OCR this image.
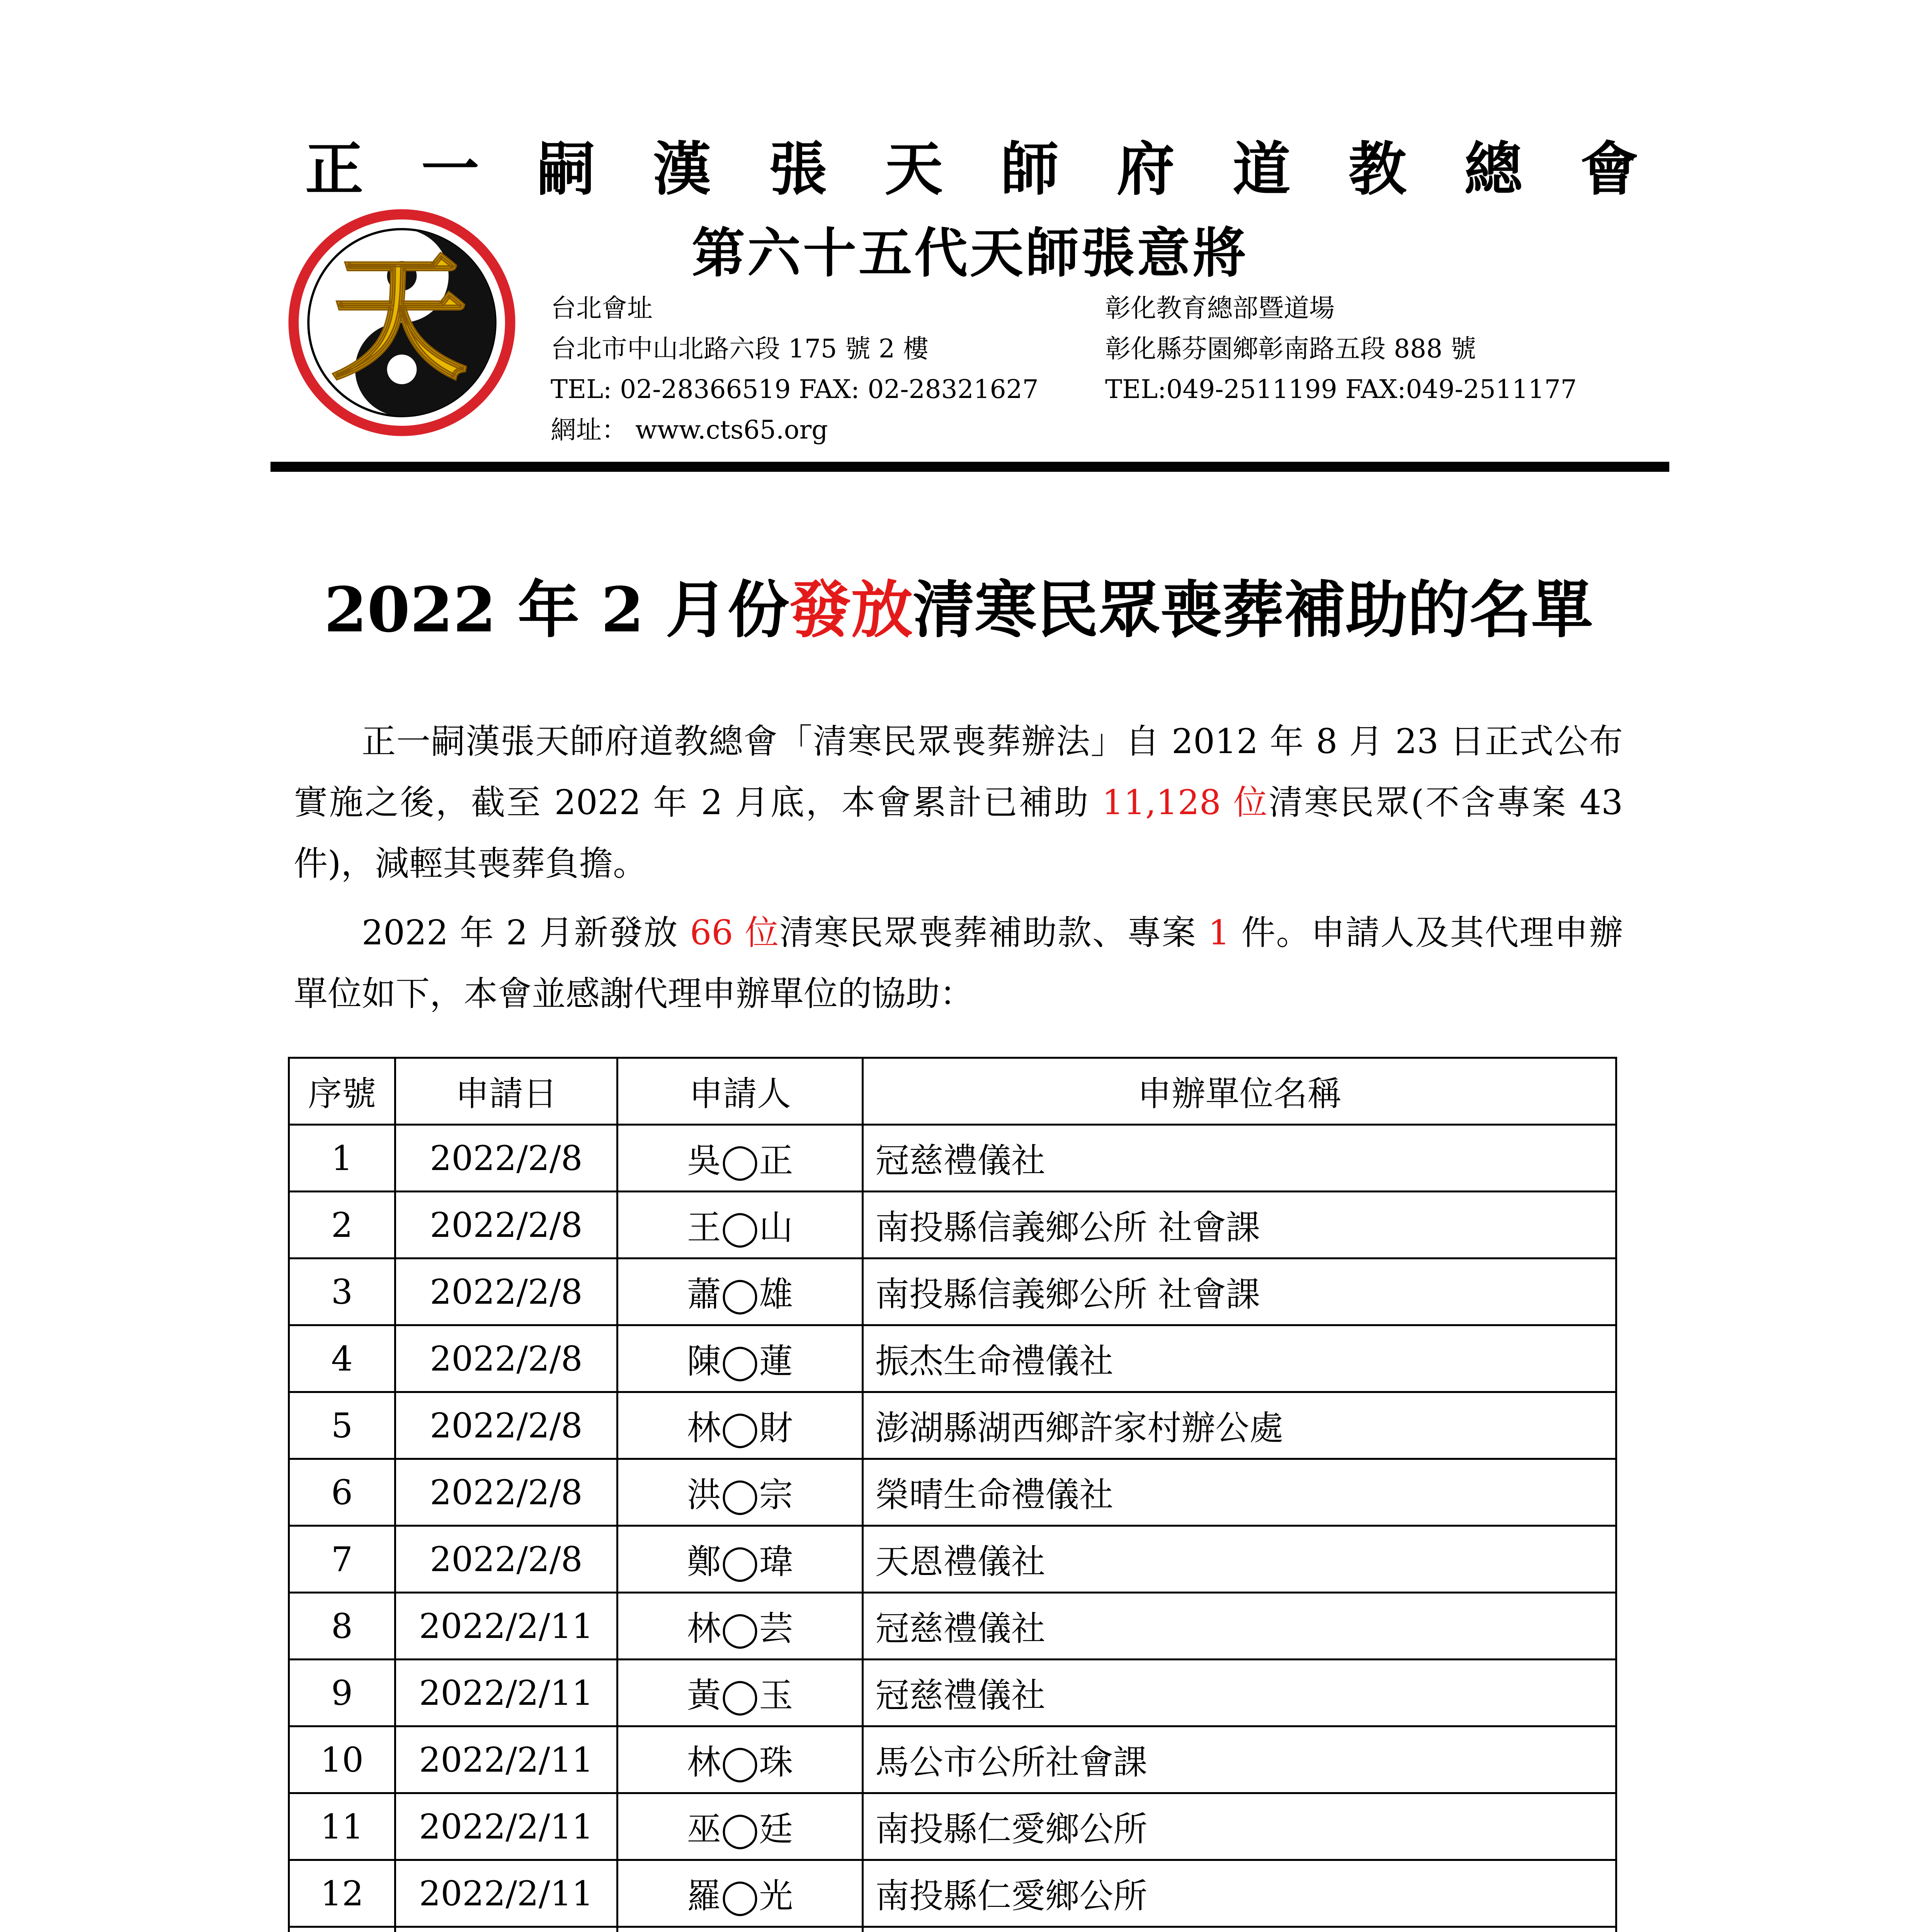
正 一 嗣 漢 張 天 師 府 道 教 總 會
天	第六十五代天師張意將
台北會址
台北市中山北路六段 175 號 2 樓
TEL: 02-28366519 FAX: 02-28321627
網址： www.cts65.org
彰化教育總部暨道場
彰化縣芬園鄉彰南路五段 888 號
TEL:049-2511199 FAX:049-2511177
2022 年 2 月份發放清寒民眾喪葬補助的名單
正一嗣漢張天師府道教總會「清寒民眾喪葬辦法」自 2012 年 8 月 23 日正式公布實施之後，截至 2022 年 2 月底，本會累計已補助 11,128 位清寒民眾(不含專案 43 件)，減輕其喪葬負擔。
2022 年 2 月新發放 66 位清寒民眾喪葬補助款、專案 1 件。申請人及其代理申辦單位如下，本會並感謝代理申辦單位的協助：
序號	申請日	申請人	申辦單位名稱
1	2022/2/8	吳◯正	冠慈禮儀社
2	2022/2/8	王◯山	南投縣信義鄉公所 社會課
3	2022/2/8	蕭◯雄	南投縣信義鄉公所 社會課
4	2022/2/8	陳◯蓮	振杰生命禮儀社
5	2022/2/8	林◯財	澎湖縣湖西鄉許家村辦公處
6	2022/2/8	洪◯宗	榮晴生命禮儀社
7	2022/2/8	鄭◯瑋	天恩禮儀社
8	2022/2/11	林◯芸	冠慈禮儀社
9	2022/2/11	黃◯玉	冠慈禮儀社
10	2022/2/11	林◯珠	馬公市公所社會課
11	2022/2/11	巫◯廷	南投縣仁愛鄉公所
12	2022/2/11	羅◯光	南投縣仁愛鄉公所
